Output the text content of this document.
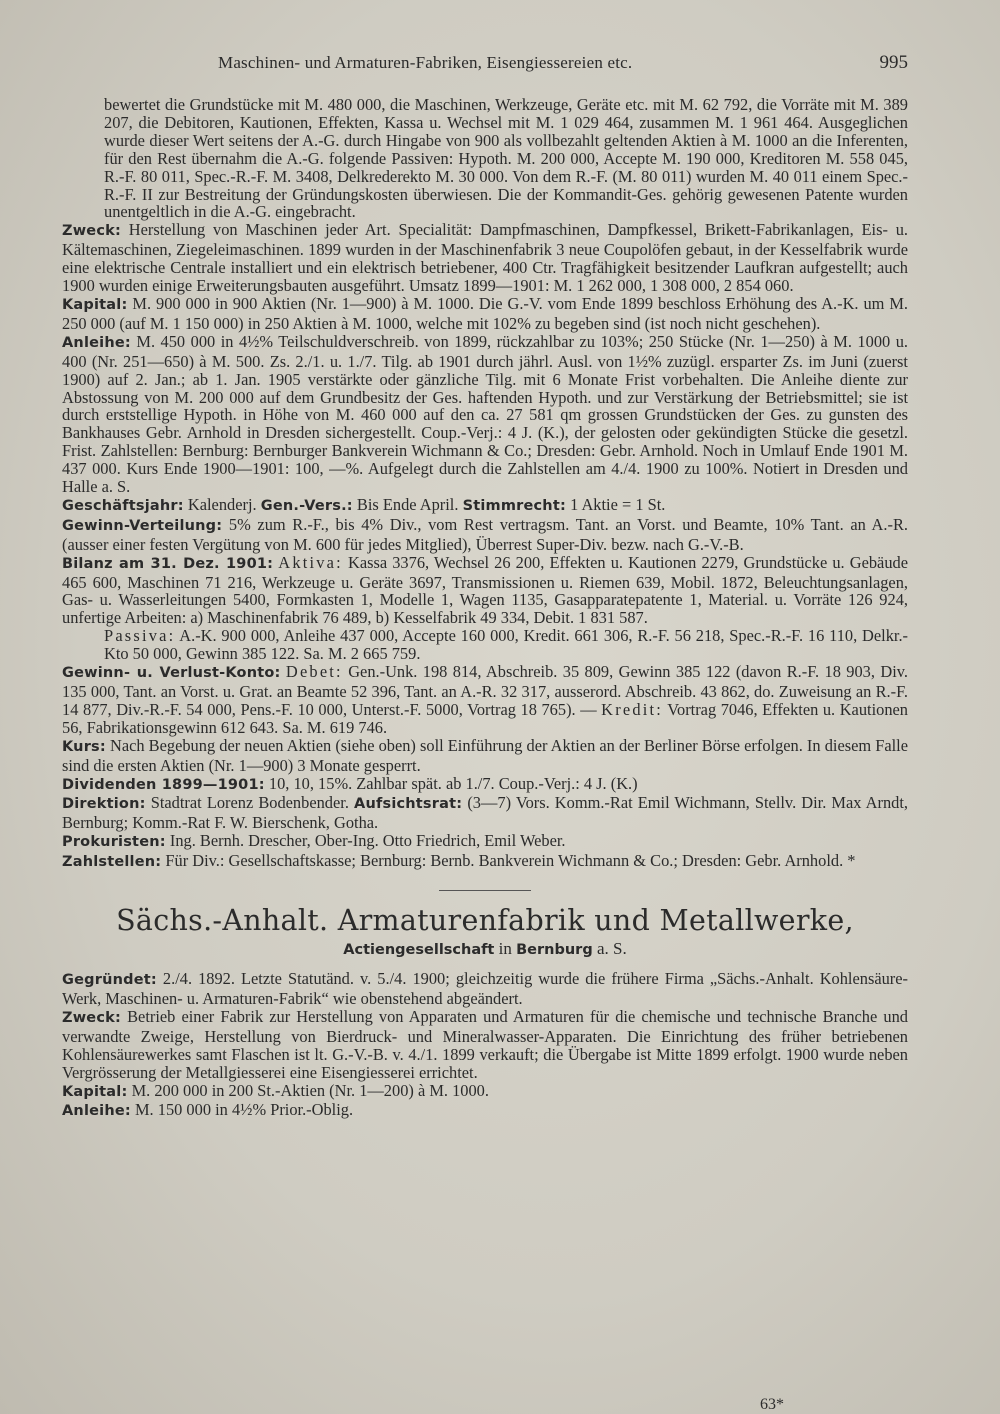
Maschinen- und Armaturen-Fabriken, Eisengiessereien etc.	995

bewertet die Grundstücke mit M. 480 000, die Maschinen, Werkzeuge, Geräte etc. mit M. 62 792, die Vorräte mit M. 389 207, die Debitoren, Kautionen, Effekten, Kassa u. Wechsel mit M. 1 029 464, zusammen M. 1 961 464. Ausgeglichen wurde dieser Wert seitens der A.-G. durch Hingabe von 900 als vollbezahlt geltenden Aktien à M. 1000 an die Inferenten, für den Rest übernahm die A.-G. folgende Passiven: Hypoth. M. 200 000, Accepte M. 190 000, Kreditoren M. 558 045, R.-F. 80 011, Spec.-R.-F. M. 3408, Delkrederekto M. 30 000. Von dem R.-F. (M. 80 011) wurden M. 40 011 einem Spec.-R.-F. II zur Bestreitung der Gründungskosten überwiesen. Die der Kommandit-Ges. gehörig gewesenen Patente wurden unentgeltlich in die A.-G. eingebracht.

Zweck: Herstellung von Maschinen jeder Art. Specialität: Dampfmaschinen, Dampfkessel, Brikett-Fabrikanlagen, Eis- u. Kältemaschinen, Ziegeleimaschinen. 1899 wurden in der Maschinenfabrik 3 neue Coupolöfen gebaut, in der Kesselfabrik wurde eine elektrische Centrale installiert und ein elektrisch betriebener, 400 Ctr. Tragfähigkeit besitzender Laufkran aufgestellt; auch 1900 wurden einige Erweiterungsbauten ausgeführt. Umsatz 1899—1901: M. 1 262 000, 1 308 000, 2 854 060.

Kapital: M. 900 000 in 900 Aktien (Nr. 1—900) à M. 1000. Die G.-V. vom Ende 1899 beschloss Erhöhung des A.-K. um M. 250 000 (auf M. 1 150 000) in 250 Aktien à M. 1000, welche mit 102% zu begeben sind (ist noch nicht geschehen).

Anleihe: M. 450 000 in 4½% Teilschuldverschreib. von 1899, rückzahlbar zu 103%; 250 Stücke (Nr. 1—250) à M. 1000 u. 400 (Nr. 251—650) à M. 500. Zs. 2./1. u. 1./7. Tilg. ab 1901 durch jährl. Ausl. von 1½% zuzügl. ersparter Zs. im Juni (zuerst 1900) auf 2. Jan.; ab 1. Jan. 1905 verstärkte oder gänzliche Tilg. mit 6 Monate Frist vorbehalten. Die Anleihe diente zur Abstossung von M. 200 000 auf dem Grundbesitz der Ges. haftenden Hypoth. und zur Verstärkung der Betriebsmittel; sie ist durch erststellige Hypoth. in Höhe von M. 460 000 auf den ca. 27 581 qm grossen Grundstücken der Ges. zu gunsten des Bankhauses Gebr. Arnhold in Dresden sichergestellt. Coup.-Verj.: 4 J. (K.), der gelosten oder gekündigten Stücke die gesetzl. Frist. Zahlstellen: Bernburg: Bernburger Bankverein Wichmann & Co.; Dresden: Gebr. Arnhold. Noch in Umlauf Ende 1901 M. 437 000. Kurs Ende 1900—1901: 100, —%. Aufgelegt durch die Zahlstellen am 4./4. 1900 zu 100%. Notiert in Dresden und Halle a. S.

Geschäftsjahr: Kalenderj. Gen.-Vers.: Bis Ende April. Stimmrecht: 1 Aktie = 1 St.

Gewinn-Verteilung: 5% zum R.-F., bis 4% Div., vom Rest vertragsm. Tant. an Vorst. und Beamte, 10% Tant. an A.-R. (ausser einer festen Vergütung von M. 600 für jedes Mitglied), Überrest Super-Div. bezw. nach G.-V.-B.

Bilanz am 31. Dez. 1901: Aktiva: Kassa 3376, Wechsel 26 200, Effekten u. Kautionen 2279, Grundstücke u. Gebäude 465 600, Maschinen 71 216, Werkzeuge u. Geräte 3697, Transmissionen u. Riemen 639, Mobil. 1872, Beleuchtungsanlagen, Gas- u. Wasserleitungen 5400, Formkasten 1, Modelle 1, Wagen 1135, Gasapparatepatente 1, Material. u. Vorräte 126 924, unfertige Arbeiten: a) Maschinenfabrik 76 489, b) Kesselfabrik 49 334, Debit. 1 831 587.

Passiva: A.-K. 900 000, Anleihe 437 000, Accepte 160 000, Kredit. 661 306, R.-F. 56 218, Spec.-R.-F. 16 110, Delkr.-Kto 50 000, Gewinn 385 122. Sa. M. 2 665 759.

Gewinn- u. Verlust-Konto: Debet: Gen.-Unk. 198 814, Abschreib. 35 809, Gewinn 385 122 (davon R.-F. 18 903, Div. 135 000, Tant. an Vorst. u. Grat. an Beamte 52 396, Tant. an A.-R. 32 317, ausserord. Abschreib. 43 862, do. Zuweisung an R.-F. 14 877, Div.-R.-F. 54 000, Pens.-F. 10 000, Unterst.-F. 5000, Vortrag 18 765). — Kredit: Vortrag 7046, Effekten u. Kautionen 56, Fabrikationsgewinn 612 643. Sa. M. 619 746.

Kurs: Nach Begebung der neuen Aktien (siehe oben) soll Einführung der Aktien an der Berliner Börse erfolgen. In diesem Falle sind die ersten Aktien (Nr. 1—900) 3 Monate gesperrt.

Dividenden 1899—1901: 10, 10, 15%. Zahlbar spät. ab 1./7. Coup.-Verj.: 4 J. (K.)

Direktion: Stadtrat Lorenz Bodenbender. Aufsichtsrat: (3—7) Vors. Komm.-Rat Emil Wichmann, Stellv. Dir. Max Arndt, Bernburg; Komm.-Rat F. W. Bierschenk, Gotha.

Prokuristen: Ing. Bernh. Drescher, Ober-Ing. Otto Friedrich, Emil Weber.

Zahlstellen: Für Div.: Gesellschaftskasse; Bernburg: Bernb. Bankverein Wichmann & Co.; Dresden: Gebr. Arnhold. *

Sächs.-Anhalt. Armaturenfabrik und Metallwerke,
Actiengesellschaft in Bernburg a. S.

Gegründet: 2./4. 1892. Letzte Statutänd. v. 5./4. 1900; gleichzeitig wurde die frühere Firma „Sächs.-Anhalt. Kohlensäure-Werk, Maschinen- u. Armaturen-Fabrik“ wie obenstehend abgeändert.

Zweck: Betrieb einer Fabrik zur Herstellung von Apparaten und Armaturen für die chemische und technische Branche und verwandte Zweige, Herstellung von Bierdruck- und Mineralwasser-Apparaten. Die Einrichtung des früher betriebenen Kohlensäurewerkes samt Flaschen ist lt. G.-V.-B. v. 4./1. 1899 verkauft; die Übergabe ist Mitte 1899 erfolgt. 1900 wurde neben Vergrösserung der Metallgiesserei eine Eisengiesserei errichtet.

Kapital: M. 200 000 in 200 St.-Aktien (Nr. 1—200) à M. 1000.

Anleihe: M. 150 000 in 4½% Prior.-Oblig.

63*
